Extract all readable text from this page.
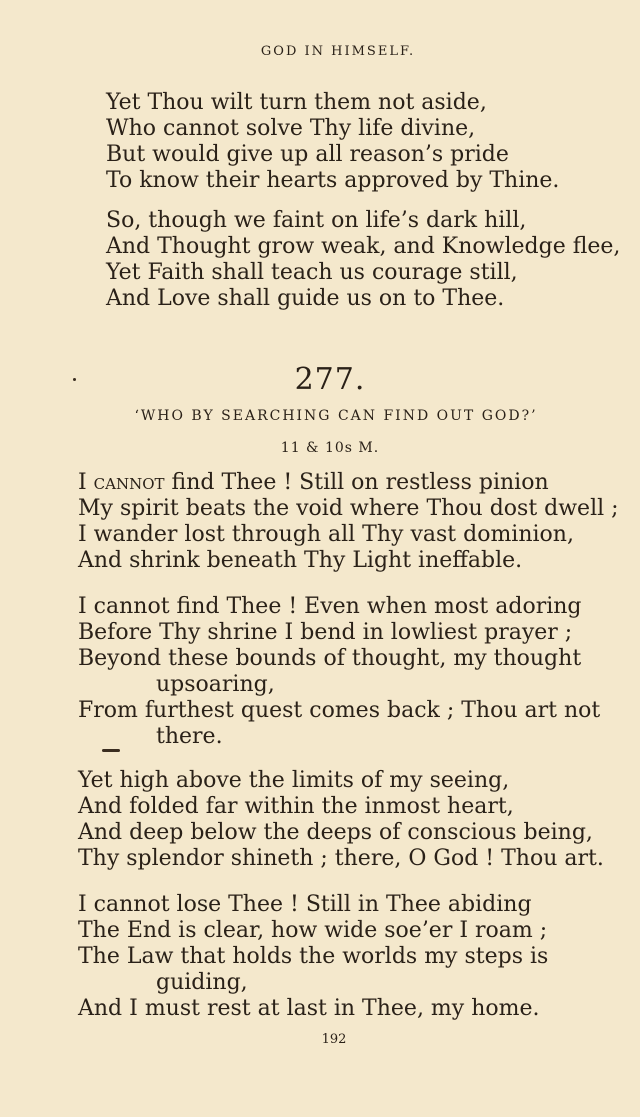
GOD IN HIMSELF.
Yet Thou wilt turn them not aside,
Who cannot solve Thy life divine,
But would give up all reason’s pride
To know their hearts approved by Thine.
So, though we faint on life’s dark hill,
And Thought grow weak, and Knowledge flee,
Yet Faith shall teach us courage still,
And Love shall guide us on to Thee.
277.
‘WHO BY SEARCHING CAN FIND OUT GOD?’
11 & 10s M.
I cannot find Thee ! Still on restless pinion
My spirit beats the void where Thou dost dwell ;
I wander lost through all Thy vast dominion,
And shrink beneath Thy Light ineffable.
I cannot find Thee ! Even when most adoring
Before Thy shrine I bend in lowliest prayer ;
Beyond these bounds of thought, my thought
upsoaring,
From furthest quest comes back ; Thou art not
there.
Yet high above the limits of my seeing,
And folded far within the inmost heart,
And deep below the deeps of conscious being,
Thy splendor shineth ; there, O God ! Thou art.
I cannot lose Thee ! Still in Thee abiding
The End is clear, how wide soe’er I roam ;
The Law that holds the worlds my steps is
guiding,
And I must rest at last in Thee, my home.
192
